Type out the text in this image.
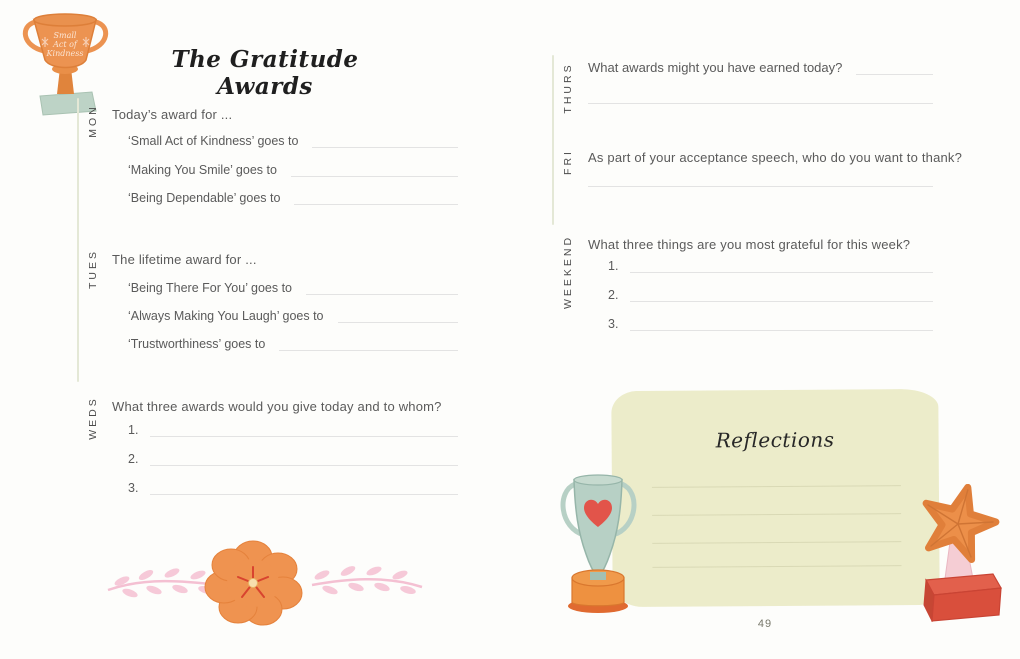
Small
Act of
Kindness	The Gratitude Awards
MON
TUES
WEDS
Today’s award for ...
‘Small Act of Kindness’ goes to
‘Making You Smile’ goes to
‘Being Dependable’ goes to
The lifetime award for ...
‘Being There For You’ goes to
‘Always Making You Laugh’ goes to
‘Trustworthiness’ goes to
What three awards would you give today and to whom?
1.
2.
3.
THURS
FRI
WEEKEND
What awards might you have earned today?
As part of your acceptance speech, who do you want to thank?
What three things are you most grateful for this week?
1.
2.
3.
Reflections
49
